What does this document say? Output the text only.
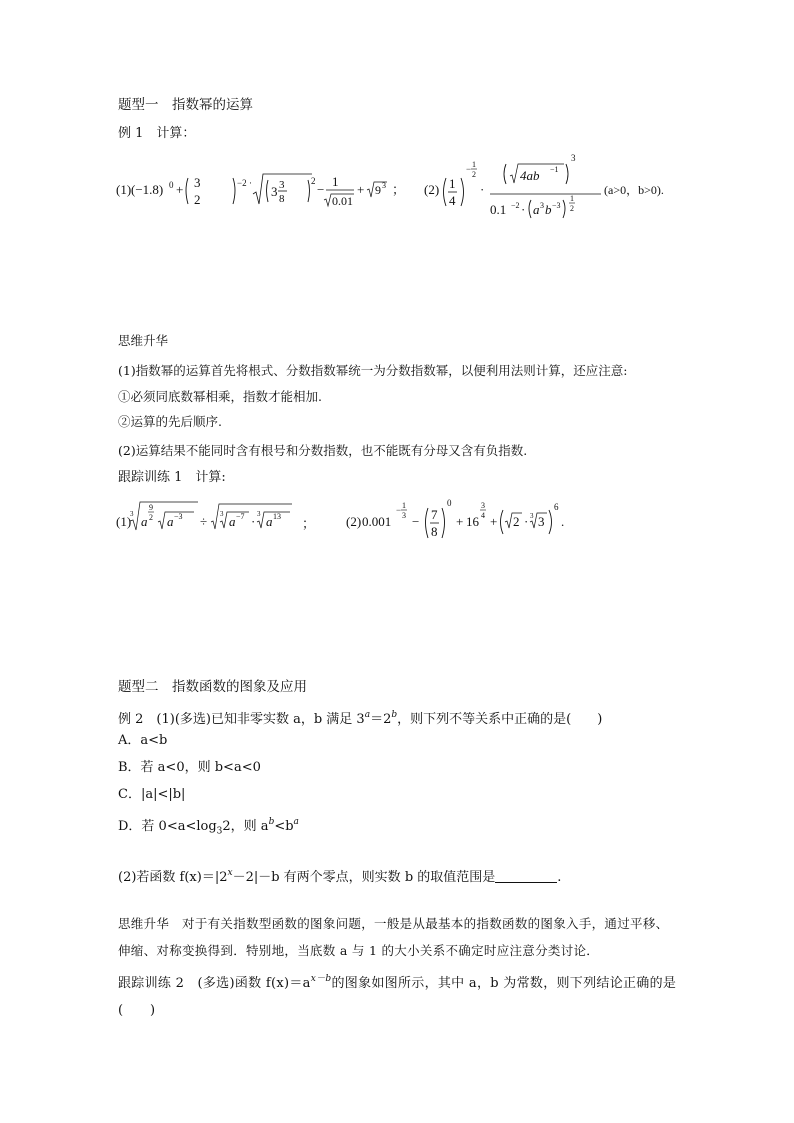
题型一　指数幂的运算
例 1　计算：
(1) (−1.8) 0 + 3
2
−2 ·
3 3
8
2
−
1
0.01
+ 9 3 ； (2) 1
4
− 1
2
·
4ab −1
3
0.1 −2 · a 3 b −3
1
2
(a>0，b>0).
思维升华
(1)指数幂的运算首先将根式、分数指数幂统一为分数指数幂，以便利用法则计算，还应注意:
①必须同底数幂相乘，指数才能相加.
②运算的先后顺序.
(2)运算结果不能同时含有根号和分数指数，也不能既有分母又含有负指数.
跟踪训练 1　计算:
(1)
3 a
9
2 a −3 ÷ 3 a −7 · 3 a 13 ； (2) 0.001
− 1
3 − 7
8
0
+ 16
3
4 + 2 · 3 3
6
.
题型二　指数函数的图象及应用
例 2　(1)(多选)已知非零实数 a，b 满足 $3^a=2^b$，则下列不等关系中正确的是(　　)
A．a<b
B．若 a<0，则 b<a<0
C．|a|<|b|
D．若 $0<a<\log_32$，则 $a^b<b^a$
(2)若函数 $f(x)=|2^x-2|-b$ 有两个零点，则实数 b 的取值范围是	.
思维升华　 对于有关指数型函数的图象问题，一般是从最基本的指数函数的图象入手，通过平移、伸缩、对称变换得到．特别地，当底数 a 与 1 的大小关系不确定时应注意分类讨论．
跟踪训练 2　(多选)函数 $f(x)=a^{x-b}$的图象如图所示，其中 a，b 为常数，则下列结论正确的是(　　)
